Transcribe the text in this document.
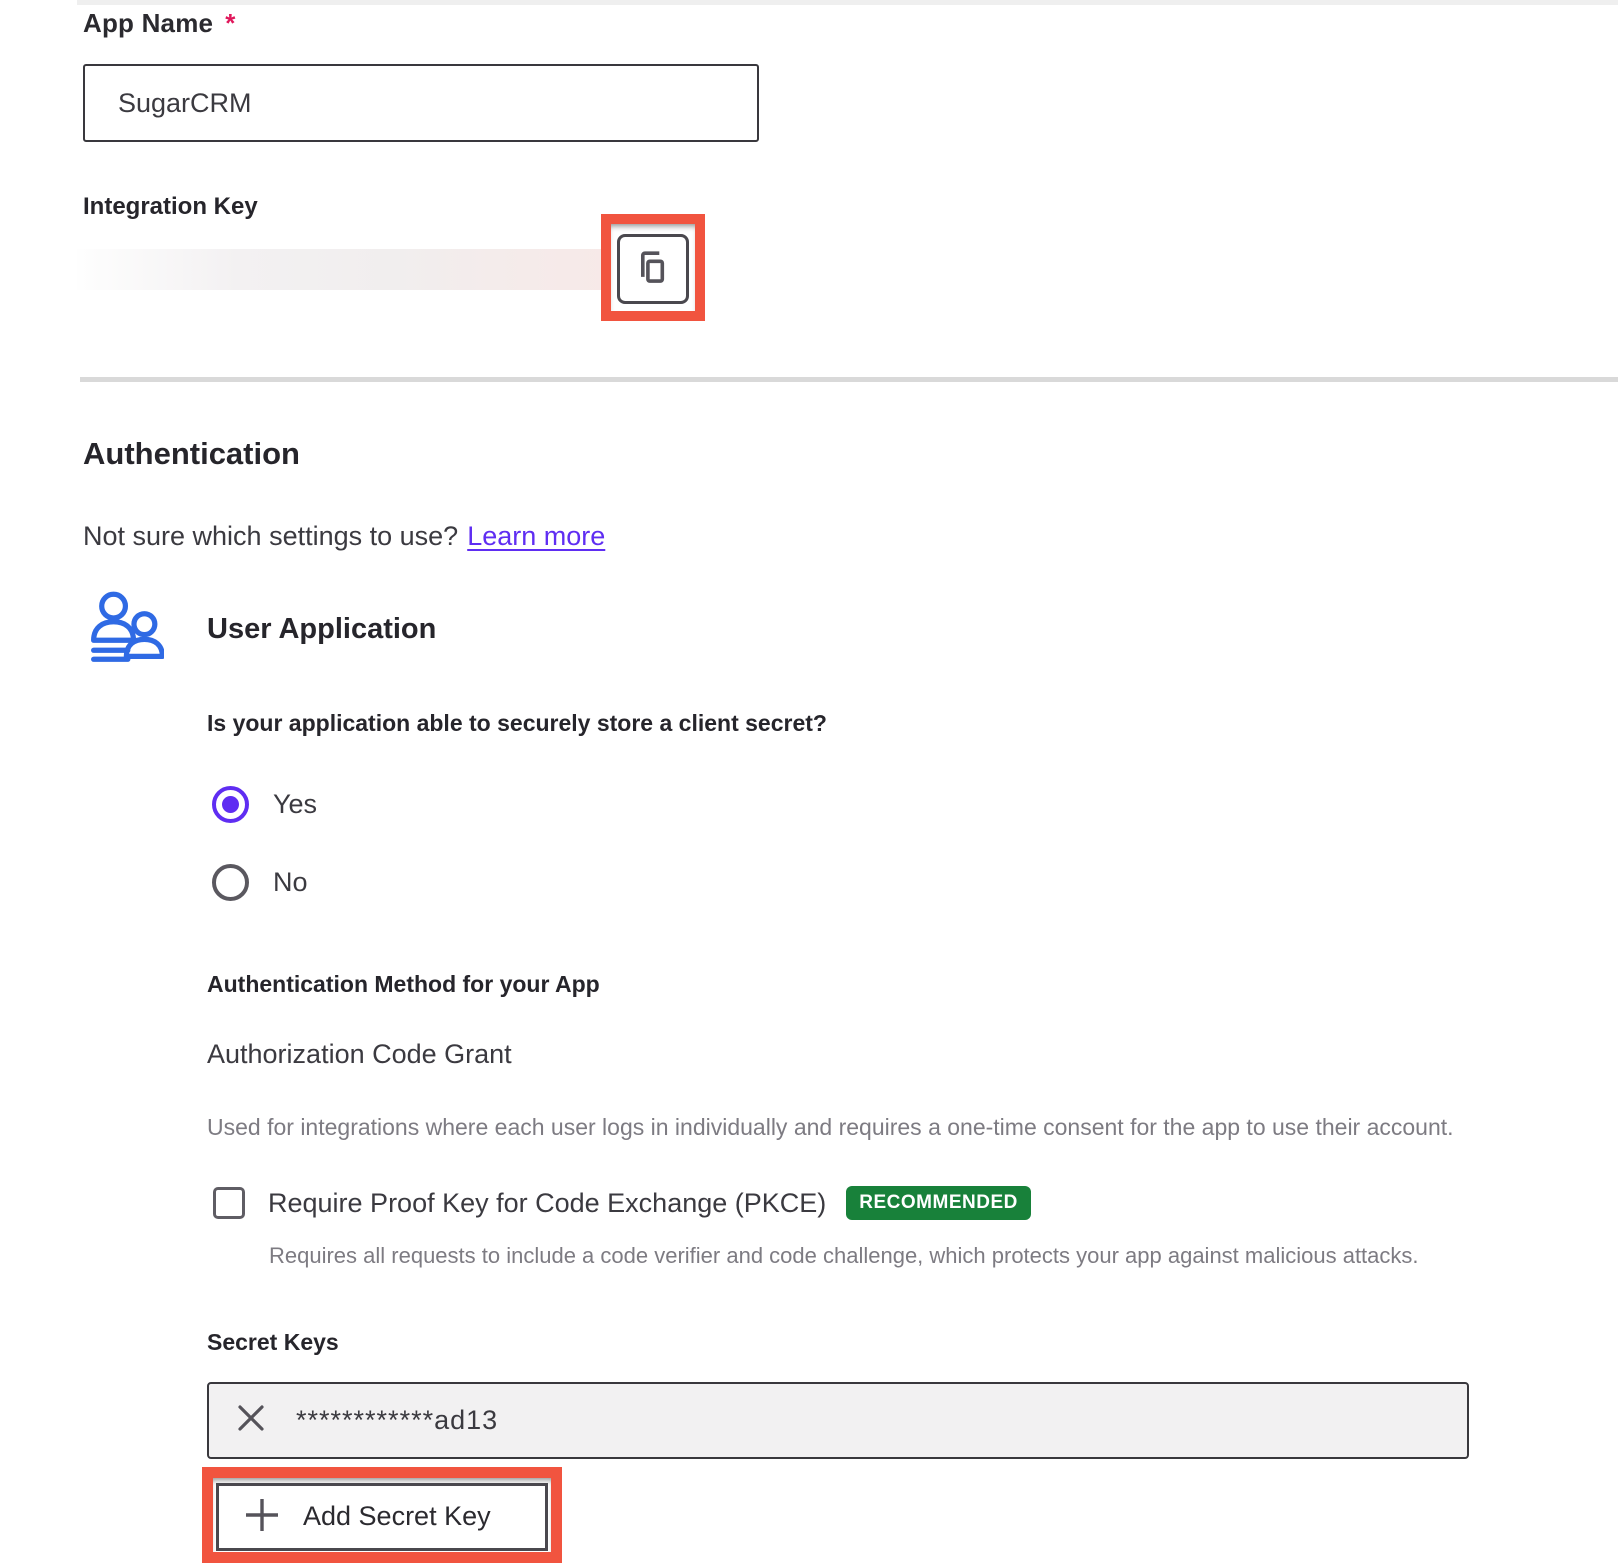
App Name *
SugarCRM
Integration Key
Authentication
Not sure which settings to use? Learn more
User Application
Is your application able to securely store a client secret?
Yes
No
Authentication Method for your App
Authorization Code Grant
Used for integrations where each user logs in individually and requires a one-time consent for the app to use their account.
Require Proof Key for Code Exchange (PKCE)	RECOMMENDED
Requires all requests to include a code verifier and code challenge, which protects your app against malicious attacks.
Secret Keys
************ad13
Add Secret Key
